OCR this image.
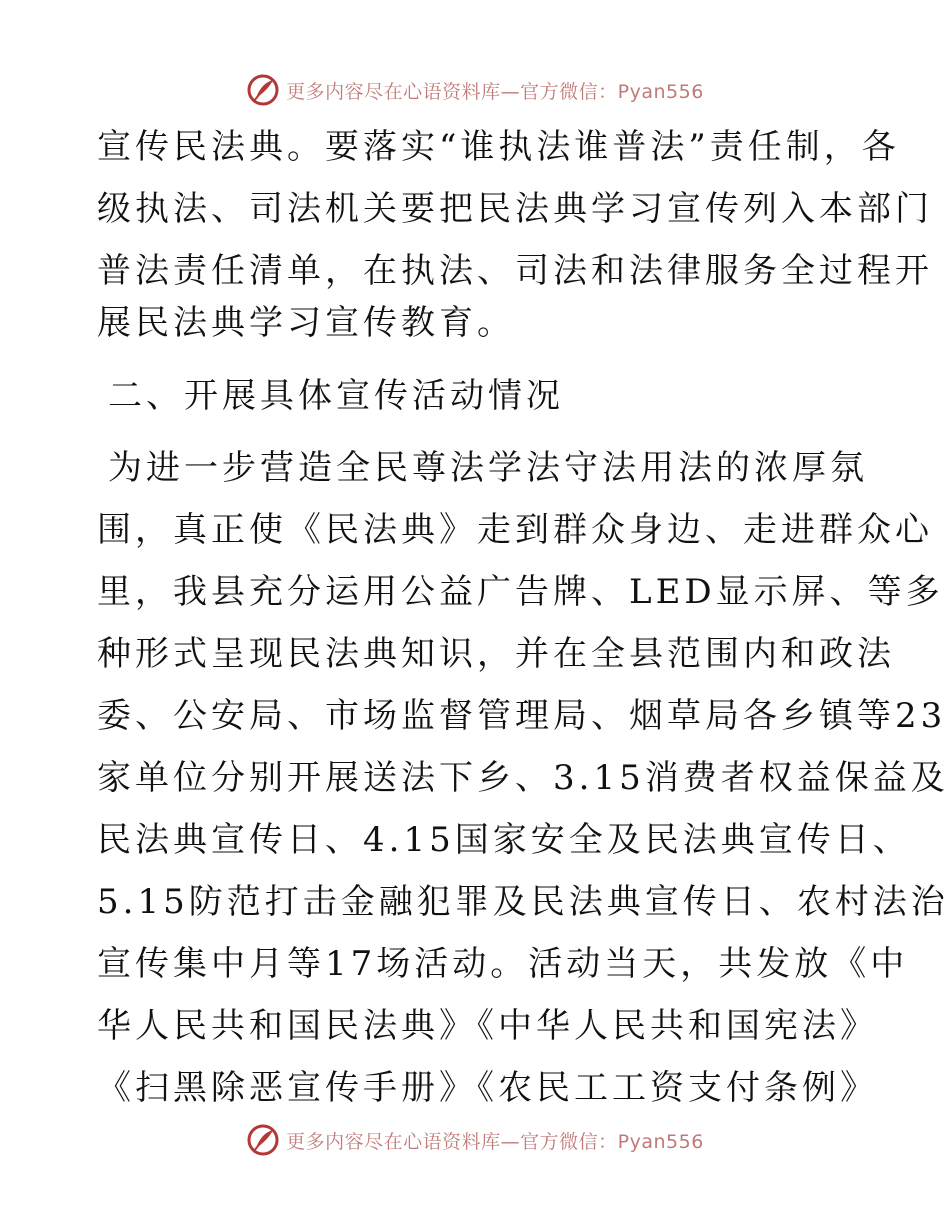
更多内容尽在心语资料库—官方微信：Pyan556
宣传民法典。要落实“谁执法谁普法”责任制，各
级执法、司法机关要把民法典学习宣传列入本部门
普法责任清单，在执法、司法和法律服务全过程开
展民法典学习宣传教育。
二、开展具体宣传活动情况
为进一步营造全民尊法学法守法用法的浓厚氛
围，真正使《民法典》走到群众身边、走进群众心
里，我县充分运用公益广告牌、LED显示屏、等多
种形式呈现民法典知识，并在全县范围内和政法
委、公安局、市场监督管理局、烟草局各乡镇等23
家单位分别开展送法下乡、3.15消费者权益保益及
民法典宣传日、4.15国家安全及民法典宣传日、
5.15防范打击金融犯罪及民法典宣传日、农村法治
宣传集中月等17场活动。活动当天，共发放《中
华人民共和国民法典》《中华人民共和国宪法》
《扫黑除恶宣传手册》《农民工工资支付条例》
更多内容尽在心语资料库—官方微信：Pyan556
